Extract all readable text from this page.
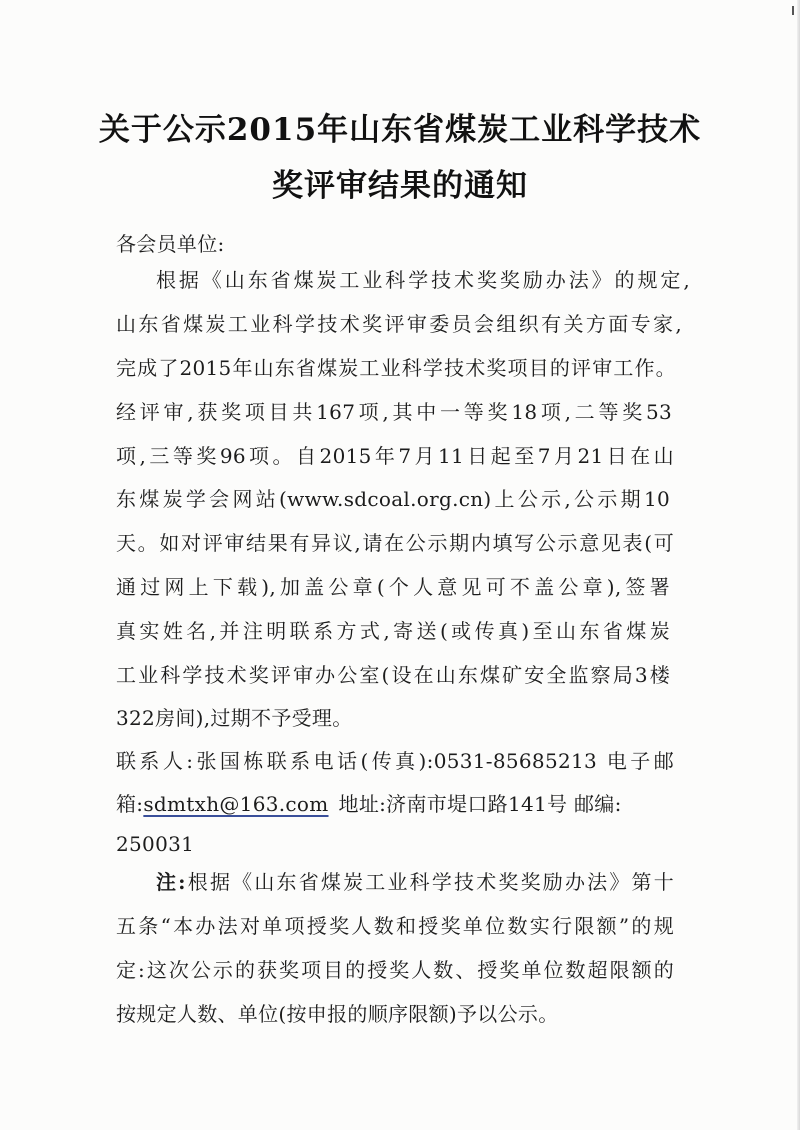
关于公示2015年山东省煤炭工业科学技术
奖评审结果的通知
各会员单位:
根据《山东省煤炭工业科学技术奖奖励办法》的规定,
山东省煤炭工业科学技术奖评审委员会组织有关方面专家,
完成了2015年山东省煤炭工业科学技术奖项目的评审工作。
经评审,获奖项目共167项,其中一等奖18项,二等奖53
项,三等奖96项。自2015年7月11日起至7月21日在山
东煤炭学会网站(www.sdcoal.org.cn)上公示,公示期10
天。如对评审结果有异议,请在公示期内填写公示意见表(可
通过网上下载),加盖公章(个人意见可不盖公章),签署
真实姓名,并注明联系方式,寄送(或传真)至山东省煤炭
工业科学技术奖评审办公室(设在山东煤矿安全监察局3楼
322房间),过期不予受理。
联系人:张国栋联系电话(传真):0531-85685213 电子邮
箱:sdmtxh@163.com 地址:济南市堤口路141号 邮编:
250031
注:根据《山东省煤炭工业科学技术奖奖励办法》第十
五条“本办法对单项授奖人数和授奖单位数实行限额”的规
定:这次公示的获奖项目的授奖人数、授奖单位数超限额的
按规定人数、单位(按申报的顺序限额)予以公示。
